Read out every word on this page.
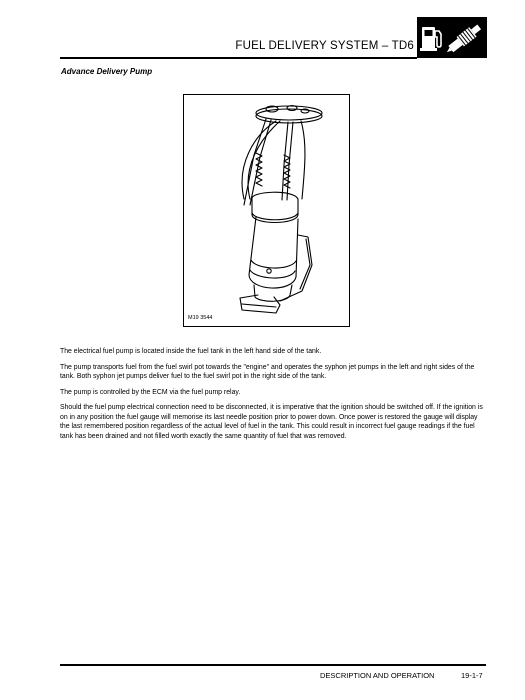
FUEL DELIVERY SYSTEM – TD6
Advance Delivery Pump
M19 3544

The electrical fuel pump is located inside the fuel tank in the left hand side of the tank.

The pump transports fuel from the fuel swirl pot towards the "engine" and operates the syphon jet pumps in the left and right sides of the tank. Both syphon jet pumps deliver fuel to the fuel swirl pot in the right side of the tank.

The pump is controlled by the ECM via the fuel pump relay.

Should the fuel pump electrical connection need to be disconnected, it is imperative that the ignition should be switched off. If the ignition is on in any position the fuel gauge will memorise its last needle position prior to power down. Once power is restored the gauge will display the last remembered position regardless of the actual level of fuel in the tank. This could result in incorrect fuel gauge readings if the fuel tank has been drained and not filled worth exactly the same quantity of fuel that was removed.

DESCRIPTION AND OPERATION	19-1-7
